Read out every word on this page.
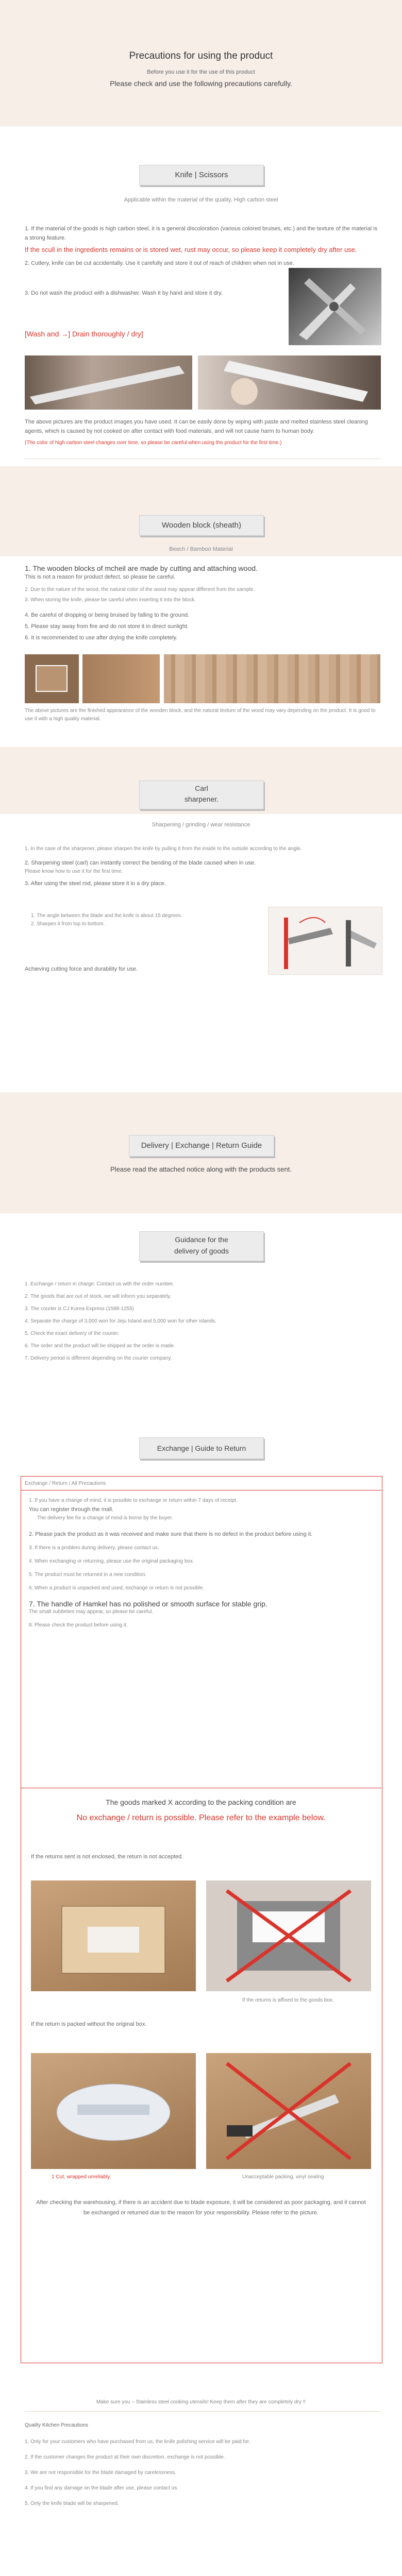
Precautions for using the product
Before you use it for the use of this product
Please check and use the following precautions carefully.
Knife | Scissors
Applicable within the material of the quality, High carbon steel
1. If the material of the goods is high carbon steel, it is a general discoloration (various colored bruises, etc.) and the texture of the material is a strong feature.
If the scull in the ingredients remains or is stored wet, rust may occur, so please keep it completely dry after use.
2. Cutlery, knife can be cut accidentally. Use it carefully and store it out of reach of children when not in use.
3. Do not wash the product with a dishwasher. Wash it by hand and store it dry.
[Wash and →] Drain thoroughly / dry]
The above pictures are the product images you have used. It can be easily done by wiping with paste and melted stainless steel cleaning agents, which is caused by not cooked on after contact with food materials, and will not cause harm to human body.
(The color of high carbon steel changes over time, so please be careful when using the product for the first time.)
Wooden block (sheath)
Beech / Bamboo Material
1. The wooden blocks of mcheil are made by cutting and attaching wood.
This is not a reason for product defect, so please be careful.
2. Due to the nature of the wood, the natural color of the wood may appear different from the sample.
3. When storing the knife, please be careful when inserting it into the block.
4. Be careful of dropping or being bruised by falling to the ground.
5. Please stay away from fire and do not store it in direct sunlight.
6. It is recommended to use after drying the knife completely.
The above pictures are the finished appearance of the wooden block, and the natural texture of the wood may vary depending on the product. It is good to use it with a high quality material.
Carl
sharpener.
Sharpening / grinding / wear resistance
1. In the case of the sharpener, please sharpen the knife by pulling it from the inside to the outside according to the angle.
2. Sharpening steel (carl) can instantly correct the bending of the blade caused when in use.
Please know how to use it for the first time.
3. After using the steel rod, please store it in a dry place.
1. The angle between the blade and the knife is about 15 degrees.
2. Sharpen it from top to bottom.
Achieving cutting force and durability for use.
Delivery | Exchange | Return Guide
Please read the attached notice along with the products sent.
Guidance for the
delivery of goods
1. Exchange / return in charge: Contact us with the order number.
2. The goods that are out of stock, we will inform you separately.
3. The courier is CJ Korea Express (1588-1255)
4. Separate the charge of 3,000 won for Jeju Island and 5,000 won for other islands.
5. Check the exact delivery of the courier.
6. The order and the product will be shipped as the order is made.
7. Delivery period is different depending on the courier company.
Exchange | Guide to Return
Exchange / Return / All Precautions
1. If you have a change of mind, it is possible to exchange or return within 7 days of receipt.
You can register through the mall.
The delivery fee for a change of mind is borne by the buyer.
2. Please pack the product as it was received and make sure that there is no defect in the product before using it.
3. If there is a problem during delivery, please contact us.
4. When exchanging or returning, please use the original packaging box.
5. The product must be returned in a new condition.
6. When a product is unpacked and used, exchange or return is not possible.
7. The handle of Hamkel has no polished or smooth surface for stable grip.
The small subtleties may appear, so please be careful.
8. Please check the product before using it.
The goods marked X according to the packing condition are
No exchange / return is possible. Please refer to the example below.
If the returns sent is not enclosed, the return is not accepted.
If the returns is affixed to the goods box.
If the return is packed without the original box.
1 Cut, wrapped unreliably.	Unacceptable packing, vinyl sealing
After checking the warehousing, if there is an accident due to blade exposure, it will be considered as poor packaging, and it cannot be exchanged or returned due to the reason for your responsibility. Please refer to the picture.
Make sure you – Stainless steel cooking utensils! Keep them after they are completely dry !!
Quality Kitchen Precautions
1. Only for your customers who have purchased from us, the knife polishing service will be paid for.
2. If the customer changes the product at their own discretion, exchange is not possible.
3. We are not responsible for the blade damaged by carelessness.
4. If you find any damage on the blade after use, please contact us.
5. Only the knife blade will be sharpened.
